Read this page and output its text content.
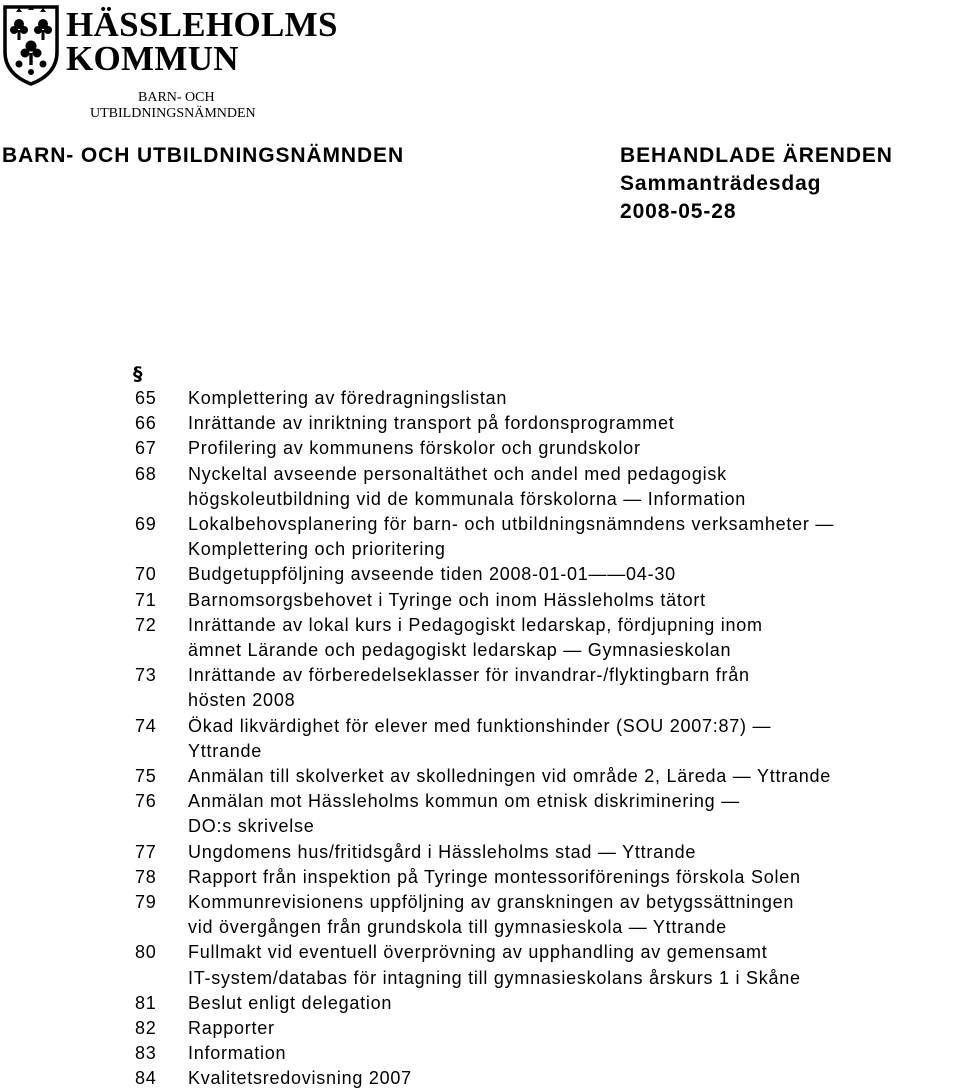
HÄSSLEHOLMS
KOMMUN
BARN- OCH
UTBILDNINGSNÄMNDEN
BARN- OCH UTBILDNINGSNÄMNDEN	BEHANDLADE ÄRENDEN
Sammanträdesdag
2008-05-28
§
65	Komplettering av föredragningslistan
66	Inrättande av inriktning transport på fordonsprogrammet
67	Profilering av kommunens förskolor och grundskolor
68	Nyckeltal avseende personaltäthet och andel med pedagogisk
högskoleutbildning vid de kommunala förskolorna — Information
69	Lokalbehovsplanering för barn- och utbildningsnämndens verksamheter —
Komplettering och prioritering
70	Budgetuppföljning avseende tiden 2008-01-01——04-30
71	Barnomsorgsbehovet i Tyringe och inom Hässleholms tätort
72	Inrättande av lokal kurs i Pedagogiskt ledarskap, fördjupning inom
ämnet Lärande och pedagogiskt ledarskap — Gymnasieskolan
73	Inrättande av förberedelseklasser för invandrar-/flyktingbarn från
hösten 2008
74	Ökad likvärdighet för elever med funktionshinder (SOU 2007:87) —
Yttrande
75	Anmälan till skolverket av skolledningen vid område 2, Läreda — Yttrande
76	Anmälan mot Hässleholms kommun om etnisk diskriminering —
DO:s skrivelse
77	Ungdomens hus/fritidsgård i Hässleholms stad — Yttrande
78	Rapport från inspektion på Tyringe montessoriförenings förskola Solen
79	Kommunrevisionens uppföljning av granskningen av betygssättningen
vid övergången från grundskola till gymnasieskola — Yttrande
80	Fullmakt vid eventuell överprövning av upphandling av gemensamt
IT-system/databas för intagning till gymnasieskolans årskurs 1 i Skåne
81	Beslut enligt delegation
82	Rapporter
83	Information
84	Kvalitetsredovisning 2007
